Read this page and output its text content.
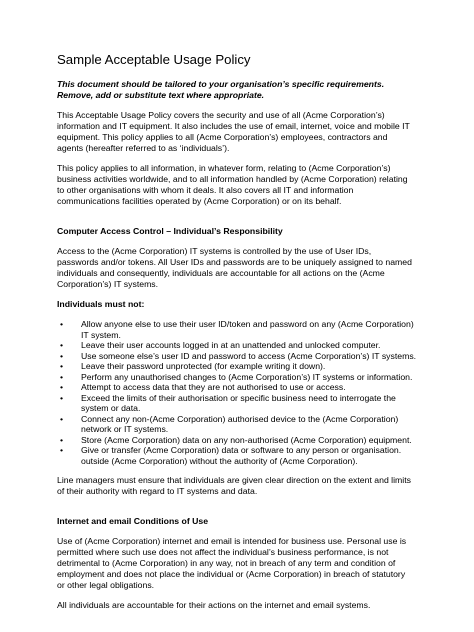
Sample Acceptable Usage Policy
This document should be tailored to your organisation’s specific requirements.
Remove, add or substitute text where appropriate.
This Acceptable Usage Policy covers the security and use of all (Acme Corporation’s)
information and IT equipment. It also includes the use of email, internet, voice and mobile IT
equipment. This policy applies to all (Acme Corporation’s) employees, contractors and
agents (hereafter referred to as ‘individuals’).
This policy applies to all information, in whatever form, relating to (Acme Corporation’s)
business activities worldwide, and to all information handled by (Acme Corporation) relating
to other organisations with whom it deals. It also covers all IT and information
communications facilities operated by (Acme Corporation) or on its behalf.
Computer Access Control – Individual’s Responsibility
Access to the (Acme Corporation) IT systems is controlled by the use of User IDs,
passwords and/or tokens. All User IDs and passwords are to be uniquely assigned to named
individuals and consequently, individuals are accountable for all actions on the (Acme
Corporation’s) IT systems.
Individuals must not:
• Allow anyone else to use their user ID/token and password on any (Acme Corporation)
IT system.
• Leave their user accounts logged in at an unattended and unlocked computer.
• Use someone else’s user ID and password to access (Acme Corporation’s) IT systems.
• Leave their password unprotected (for example writing it down).
• Perform any unauthorised changes to (Acme Corporation’s) IT systems or information.
• Attempt to access data that they are not authorised to use or access.
• Exceed the limits of their authorisation or specific business need to interrogate the
system or data.
• Connect any non-(Acme Corporation) authorised device to the (Acme Corporation)
network or IT systems.
• Store (Acme Corporation) data on any non-authorised (Acme Corporation) equipment.
• Give or transfer (Acme Corporation) data or software to any person or organisation.
outside (Acme Corporation) without the authority of (Acme Corporation).
Line managers must ensure that individuals are given clear direction on the extent and limits
of their authority with regard to IT systems and data.
Internet and email Conditions of Use
Use of (Acme Corporation) internet and email is intended for business use. Personal use is
permitted where such use does not affect the individual’s business performance, is not
detrimental to (Acme Corporation) in any way, not in breach of any term and condition of
employment and does not place the individual or (Acme Corporation) in breach of statutory
or other legal obligations.
All individuals are accountable for their actions on the internet and email systems.
